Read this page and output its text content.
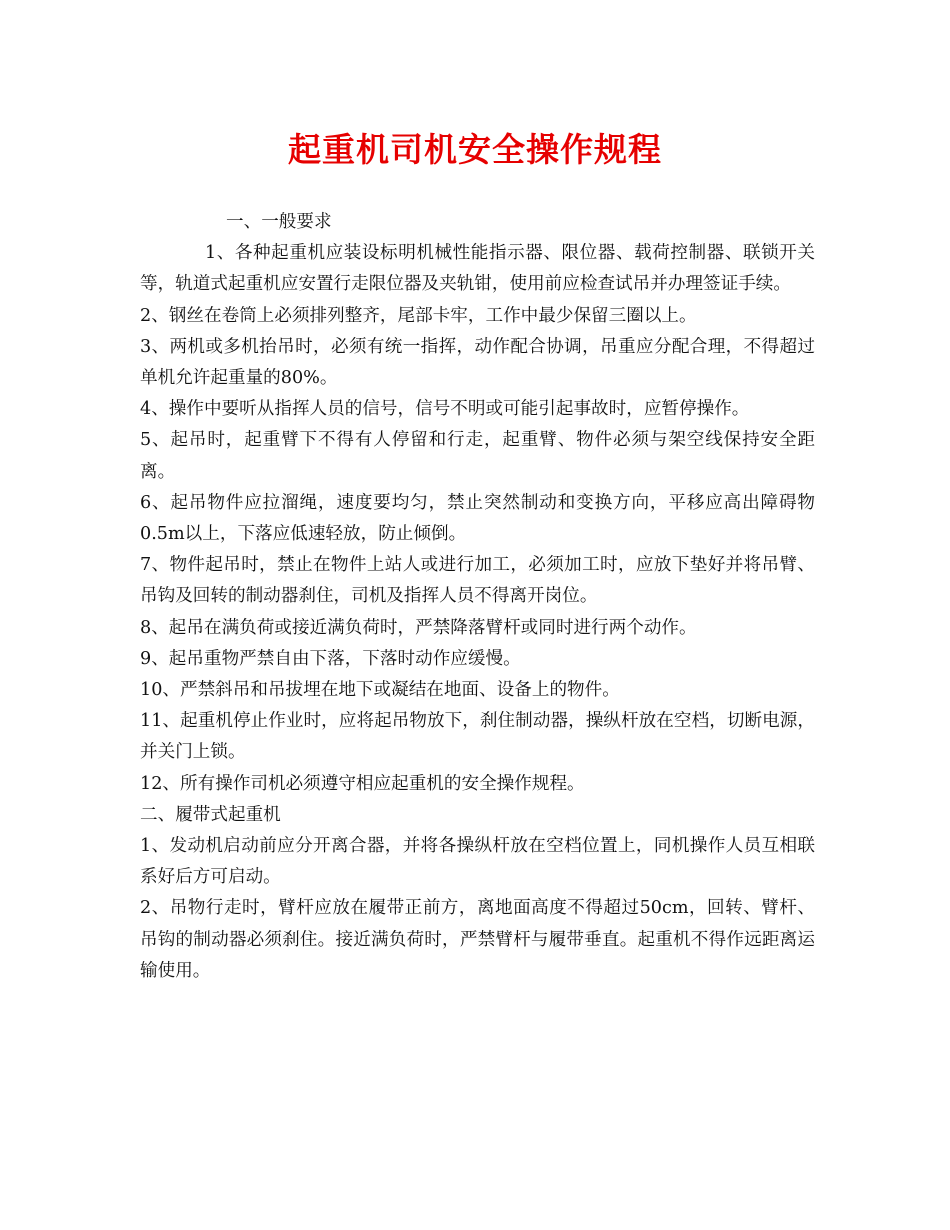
起重机司机安全操作规程

一、一般要求

1、各种起重机应装设标明机械性能指示器、限位器、载荷控制器、联锁开关等，轨道式起重机应安置行走限位器及夹轨钳，使用前应检查试吊并办理签证手续。

2、钢丝在卷筒上必须排列整齐，尾部卡牢，工作中最少保留三圈以上。

3、两机或多机抬吊时，必须有统一指挥，动作配合协调，吊重应分配合理，不得超过单机允许起重量的80%。

4、操作中要听从指挥人员的信号，信号不明或可能引起事故时，应暂停操作。

5、起吊时，起重臂下不得有人停留和行走，起重臂、物件必须与架空线保持安全距离。

6、起吊物件应拉溜绳，速度要均匀，禁止突然制动和变换方向，平移应高出障碍物0.5m以上，下落应低速轻放，防止倾倒。

7、物件起吊时，禁止在物件上站人或进行加工，必须加工时，应放下垫好并将吊臂、吊钩及回转的制动器刹住，司机及指挥人员不得离开岗位。

8、起吊在满负荷或接近满负荷时，严禁降落臂杆或同时进行两个动作。

9、起吊重物严禁自由下落，下落时动作应缓慢。

10、严禁斜吊和吊拔埋在地下或凝结在地面、设备上的物件。

11、起重机停止作业时，应将起吊物放下，刹住制动器，操纵杆放在空档，切断电源，并关门上锁。

12、所有操作司机必须遵守相应起重机的安全操作规程。

二、履带式起重机

1、发动机启动前应分开离合器，并将各操纵杆放在空档位置上，同机操作人员互相联系好后方可启动。

2、吊物行走时，臂杆应放在履带正前方，离地面高度不得超过50cm，回转、臂杆、吊钩的制动器必须刹住。接近满负荷时，严禁臂杆与履带垂直。起重机不得作远距离运输使用。
